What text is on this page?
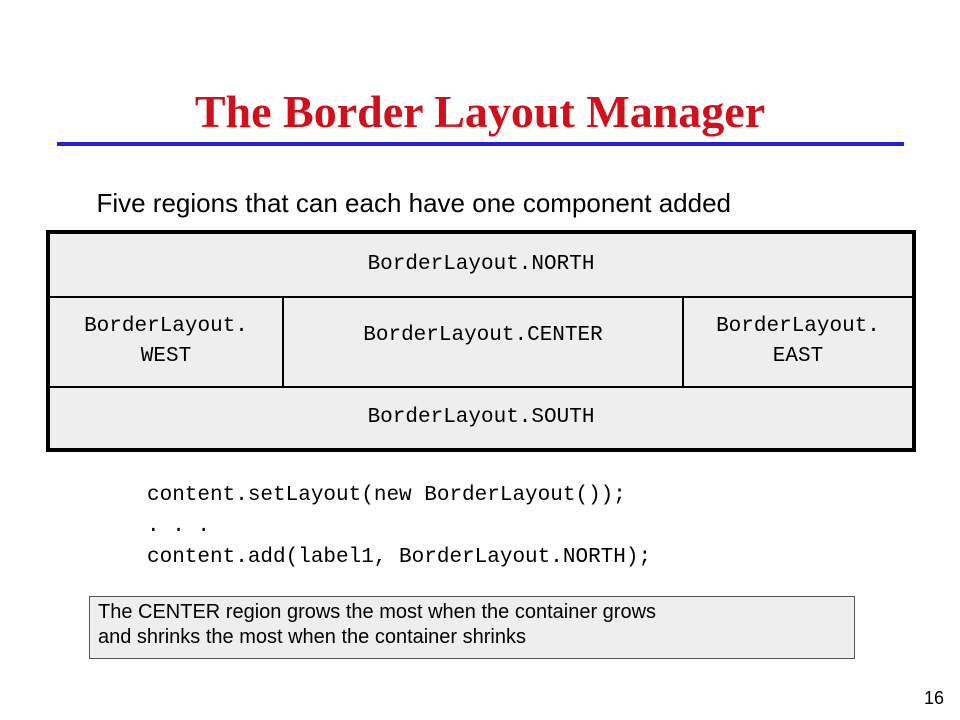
The Border Layout Manager

Five regions that can each have one component added

BorderLayout.NORTH
BorderLayout.
WEST
BorderLayout.CENTER	BorderLayout.
EAST
BorderLayout.SOUTH
content.setLayout(new BorderLayout());
. . .
content.add(label1, BorderLayout.NORTH);
The CENTER region grows the most when the container grows
and shrinks the most when the container shrinks
16
